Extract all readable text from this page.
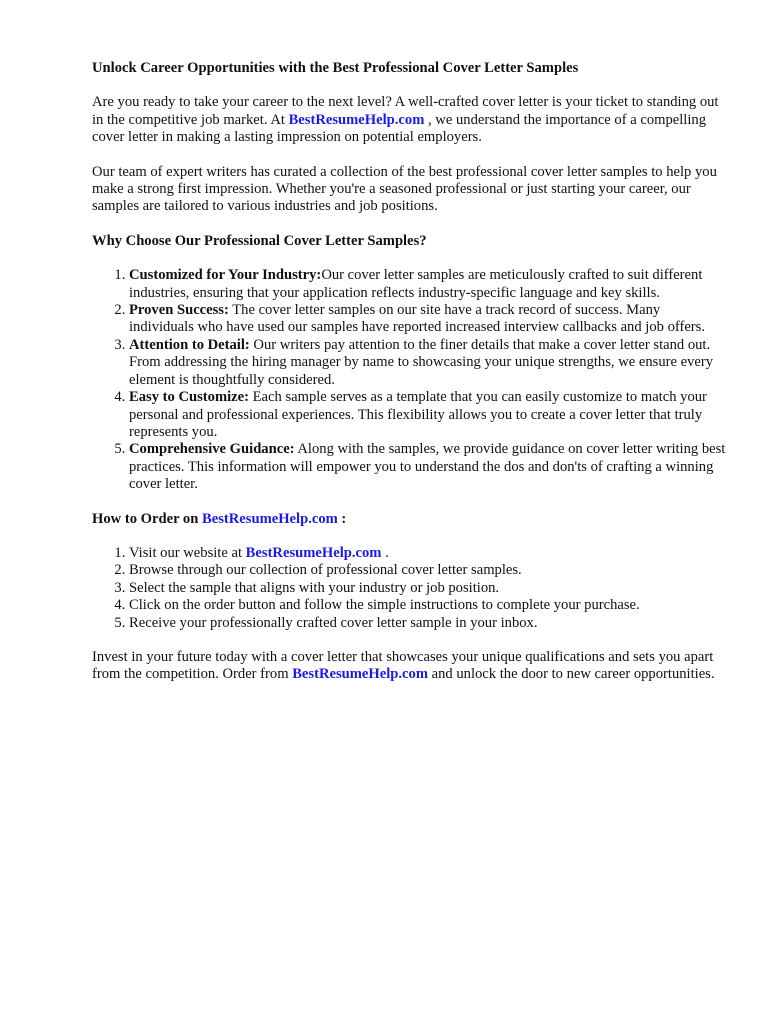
Unlock Career Opportunities with the Best Professional Cover Letter Samples

Are you ready to take your career to the next level? A well-crafted cover letter is your ticket to standing out in the competitive job market. At BestResumeHelp.com , we understand the importance of a compelling cover letter in making a lasting impression on potential employers.

Our team of expert writers has curated a collection of the best professional cover letter samples to help you make a strong first impression. Whether you're a seasoned professional or just starting your career, our samples are tailored to various industries and job positions.

Why Choose Our Professional Cover Letter Samples?
1. Customized for Your Industry:Our cover letter samples are meticulously crafted to suit different industries, ensuring that your application reflects industry-specific language and key skills.
2. Proven Success: The cover letter samples on our site have a track record of success. Many individuals who have used our samples have reported increased interview callbacks and job offers.
3. Attention to Detail: Our writers pay attention to the finer details that make a cover letter stand out. From addressing the hiring manager by name to showcasing your unique strengths, we ensure every element is thoughtfully considered.
4. Easy to Customize: Each sample serves as a template that you can easily customize to match your personal and professional experiences. This flexibility allows you to create a cover letter that truly represents you.
5. Comprehensive Guidance: Along with the samples, we provide guidance on cover letter writing best practices. This information will empower you to understand the dos and don'ts of crafting a winning cover letter.
How to Order on BestResumeHelp.com :
1. Visit our website at BestResumeHelp.com .
2. Browse through our collection of professional cover letter samples.
3. Select the sample that aligns with your industry or job position.
4. Click on the order button and follow the simple instructions to complete your purchase.
5. Receive your professionally crafted cover letter sample in your inbox.

Invest in your future today with a cover letter that showcases your unique qualifications and sets you apart from the competition. Order from BestResumeHelp.com and unlock the door to new career opportunities.
